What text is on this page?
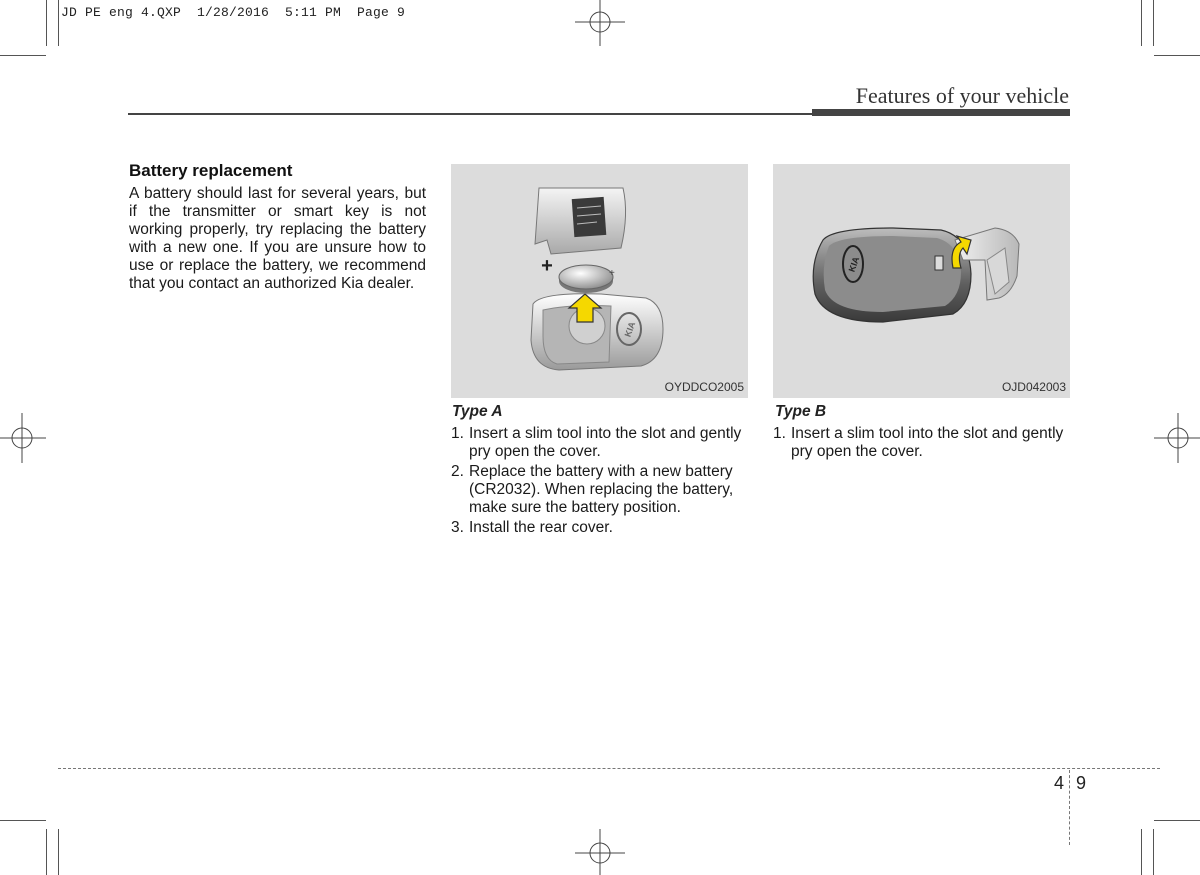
JD PE eng 4.QXP  1/28/2016  5:11 PM  Page 9
Features of your vehicle
Battery replacement
A battery should last for several years, but if the transmitter or smart key is not working properly, try replacing the battery with a new one. If you are unsure how to use or replace the battery, we recommend that you contact an authorized Kia dealer.
+	+
KIA
OYDDCO2005
KIA
OJD042003
Type A
1. Insert a slim tool into the slot and gently pry open the cover.
2. Replace the battery with a new battery (CR2032). When replacing the battery, make sure the battery position.
3. Install the rear cover.
Type B
1. Insert a slim tool into the slot and gently pry open the cover.
4 9
